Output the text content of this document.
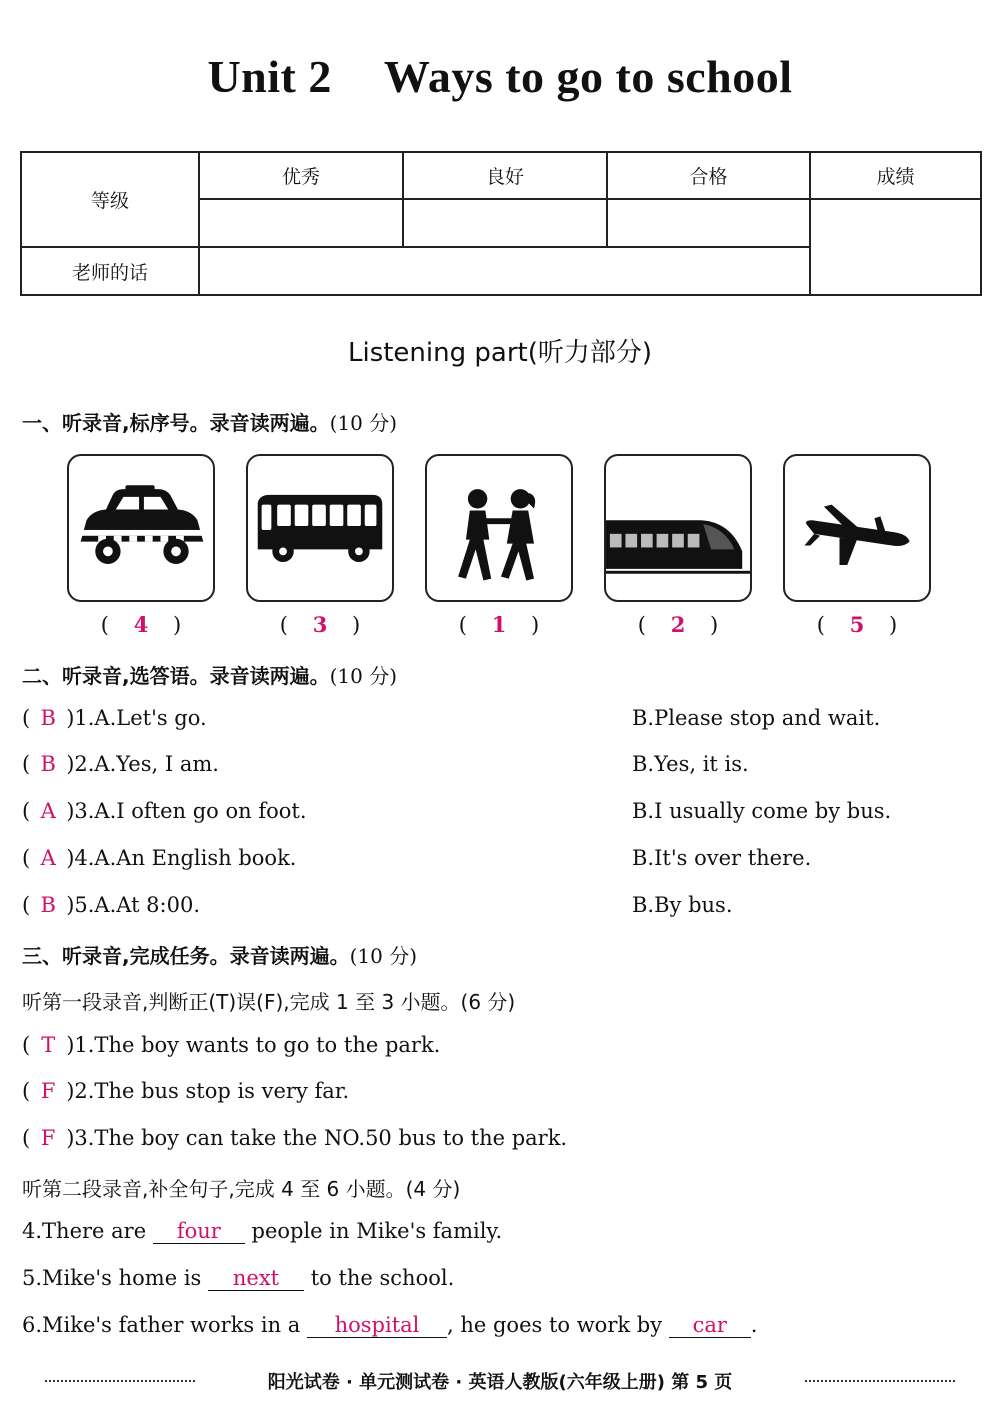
Unit 2 Ways to go to school
等级	优秀	良好	合格	成绩

老师的话				
Listening part(听力部分)
一、听录音,标序号。录音读两遍。(10 分)
( 4 )	( 3 )	( 1 )	( 2 )	( 5 )
二、听录音,选答语。录音读两遍。(10 分)
( B )1.A.Let's go.	B.Please stop and wait.
( B )2.A.Yes, I am.	B.Yes, it is.
( A )3.A.I often go on foot.	B.I usually come by bus.
( A )4.A.An English book.	B.It's over there.
( B )5.A.At 8:00.	B.By bus.
三、听录音,完成任务。录音读两遍。(10 分)
听第一段录音,判断正(T)误(F),完成 1 至 3 小题。(6 分)
( T )1.The boy wants to go to the park.
( F )2.The bus stop is very far.
( F )3.The boy can take the NO.50 bus to the park.
听第二段录音,补全句子,完成 4 至 6 小题。(4 分)
4.There are four people in Mike's family.
5.Mike's home is next to the school.
6.Mike's father works in a hospital , he goes to work by car .
阳光试卷 · 单元测试卷 · 英语人教版(六年级上册) 第 5 页
